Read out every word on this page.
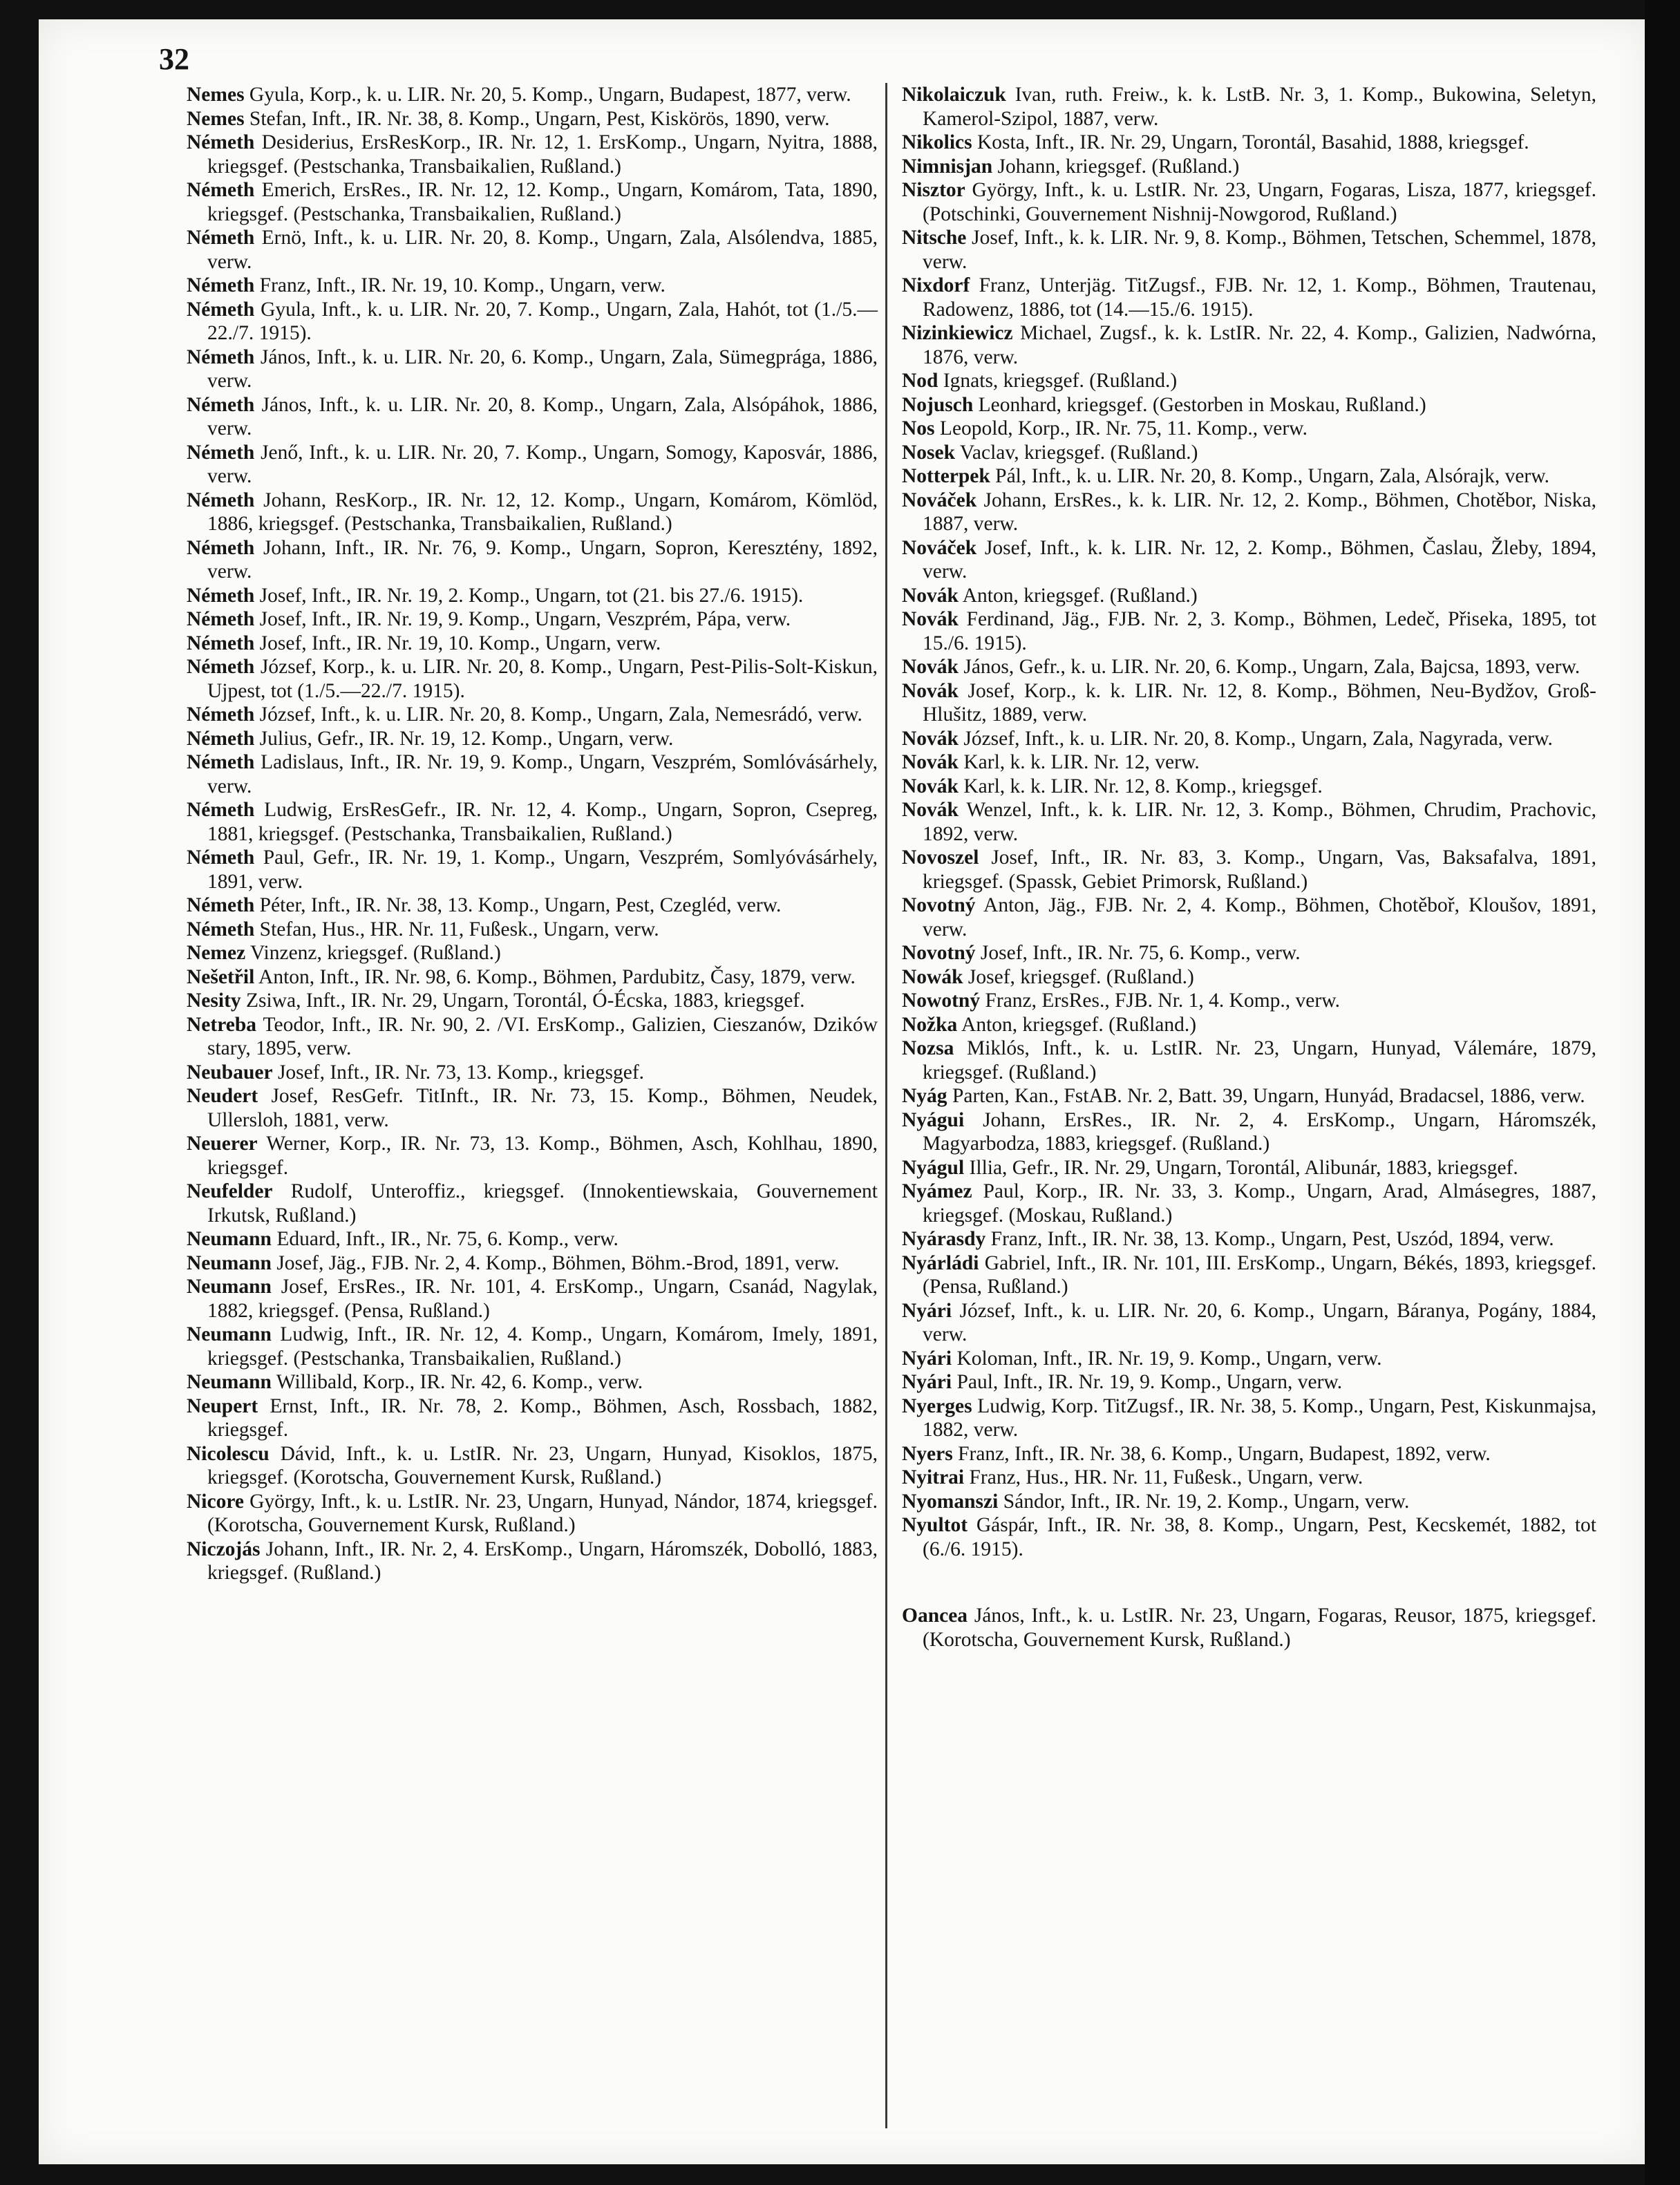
32

Nemes Gyula, Korp., k. u. LIR. Nr. 20, 5. Komp., Ungarn, Budapest, 1877, verw.

Nemes Stefan, Inft., IR. Nr. 38, 8. Komp., Ungarn, Pest, Kiskörös, 1890, verw.

Németh Desiderius, ErsResKorp., IR. Nr. 12, 1. ErsKomp., Ungarn, Nyitra, 1888, kriegsgef. (Pestschanka, Transbaikalien, Rußland.)

Németh Emerich, ErsRes., IR. Nr. 12, 12. Komp., Ungarn, Komárom, Tata, 1890, kriegsgef. (Pestschanka, Transbaikalien, Rußland.)

Németh Ernö, Inft., k. u. LIR. Nr. 20, 8. Komp., Ungarn, Zala, Alsólendva, 1885, verw.

Németh Franz, Inft., IR. Nr. 19, 10. Komp., Ungarn, verw.

Németh Gyula, Inft., k. u. LIR. Nr. 20, 7. Komp., Ungarn, Zala, Hahót, tot (1./5.—22./7. 1915).

Németh János, Inft., k. u. LIR. Nr. 20, 6. Komp., Ungarn, Zala, Sümegprága, 1886, verw.

Németh János, Inft., k. u. LIR. Nr. 20, 8. Komp., Ungarn, Zala, Alsópáhok, 1886, verw.

Németh Jenő, Inft., k. u. LIR. Nr. 20, 7. Komp., Ungarn, Somogy, Kaposvár, 1886, verw.

Németh Johann, ResKorp., IR. Nr. 12, 12. Komp., Ungarn, Komárom, Kömlöd, 1886, kriegsgef. (Pestschanka, Transbaikalien, Rußland.)

Németh Johann, Inft., IR. Nr. 76, 9. Komp., Ungarn, Sopron, Keresztény, 1892, verw.

Németh Josef, Inft., IR. Nr. 19, 2. Komp., Ungarn, tot (21. bis 27./6. 1915).

Németh Josef, Inft., IR. Nr. 19, 9. Komp., Ungarn, Veszprém, Pápa, verw.

Németh Josef, Inft., IR. Nr. 19, 10. Komp., Ungarn, verw.

Németh József, Korp., k. u. LIR. Nr. 20, 8. Komp., Ungarn, Pest-Pilis-Solt-Kiskun, Ujpest, tot (1./5.—22./7. 1915).

Németh József, Inft., k. u. LIR. Nr. 20, 8. Komp., Ungarn, Zala, Nemesrádó, verw.

Németh Julius, Gefr., IR. Nr. 19, 12. Komp., Ungarn, verw.

Németh Ladislaus, Inft., IR. Nr. 19, 9. Komp., Ungarn, Veszprém, Somlóvásárhely, verw.

Németh Ludwig, ErsResGefr., IR. Nr. 12, 4. Komp., Ungarn, Sopron, Csepreg, 1881, kriegsgef. (Pestschanka, Transbaikalien, Rußland.)

Németh Paul, Gefr., IR. Nr. 19, 1. Komp., Ungarn, Veszprém, Somlyóvásárhely, 1891, verw.

Németh Péter, Inft., IR. Nr. 38, 13. Komp., Ungarn, Pest, Czegléd, verw.

Németh Stefan, Hus., HR. Nr. 11, Fußesk., Ungarn, verw.

Nemez Vinzenz, kriegsgef. (Rußland.)

Nešetřil Anton, Inft., IR. Nr. 98, 6. Komp., Böhmen, Pardubitz, Časy, 1879, verw.

Nesity Zsiwa, Inft., IR. Nr. 29, Ungarn, Torontál, Ó-Écska, 1883, kriegsgef.

Netreba Teodor, Inft., IR. Nr. 90, 2. /VI. ErsKomp., Galizien, Cieszanów, Dzików stary, 1895, verw.

Neubauer Josef, Inft., IR. Nr. 73, 13. Komp., kriegsgef.

Neudert Josef, ResGefr. TitInft., IR. Nr. 73, 15. Komp., Böhmen, Neudek, Ullersloh, 1881, verw.

Neuerer Werner, Korp., IR. Nr. 73, 13. Komp., Böhmen, Asch, Kohlhau, 1890, kriegsgef.

Neufelder Rudolf, Unteroffiz., kriegsgef. (Innokentiewskaia, Gouvernement Irkutsk, Rußland.)

Neumann Eduard, Inft., IR., Nr. 75, 6. Komp., verw.

Neumann Josef, Jäg., FJB. Nr. 2, 4. Komp., Böhmen, Böhm.-Brod, 1891, verw.

Neumann Josef, ErsRes., IR. Nr. 101, 4. ErsKomp., Ungarn, Csanád, Nagylak, 1882, kriegsgef. (Pensa, Rußland.)

Neumann Ludwig, Inft., IR. Nr. 12, 4. Komp., Ungarn, Komárom, Imely, 1891, kriegsgef. (Pestschanka, Transbaikalien, Rußland.)

Neumann Willibald, Korp., IR. Nr. 42, 6. Komp., verw.

Neupert Ernst, Inft., IR. Nr. 78, 2. Komp., Böhmen, Asch, Rossbach, 1882, kriegsgef.

Nicolescu Dávid, Inft., k. u. LstIR. Nr. 23, Ungarn, Hunyad, Kisoklos, 1875, kriegsgef. (Korotscha, Gouvernement Kursk, Rußland.)

Nicore György, Inft., k. u. LstIR. Nr. 23, Ungarn, Hunyad, Nándor, 1874, kriegsgef. (Korotscha, Gouvernement Kursk, Rußland.)

Niczojás Johann, Inft., IR. Nr. 2, 4. ErsKomp., Ungarn, Háromszék, Dobolló, 1883, kriegsgef. (Rußland.)

Nikolaiczuk Ivan, ruth. Freiw., k. k. LstB. Nr. 3, 1. Komp., Bukowina, Seletyn, Kamerol-Szipol, 1887, verw.

Nikolics Kosta, Inft., IR. Nr. 29, Ungarn, Torontál, Basahid, 1888, kriegsgef.

Nimnisjan Johann, kriegsgef. (Rußland.)

Nisztor György, Inft., k. u. LstIR. Nr. 23, Ungarn, Fogaras, Lisza, 1877, kriegsgef. (Potschinki, Gouvernement Nishnij-Nowgorod, Rußland.)

Nitsche Josef, Inft., k. k. LIR. Nr. 9, 8. Komp., Böhmen, Tetschen, Schemmel, 1878, verw.

Nixdorf Franz, Unterjäg. TitZugsf., FJB. Nr. 12, 1. Komp., Böhmen, Trautenau, Radowenz, 1886, tot (14.—15./6. 1915).

Nizinkiewicz Michael, Zugsf., k. k. LstIR. Nr. 22, 4. Komp., Galizien, Nadwórna, 1876, verw.

Nod Ignats, kriegsgef. (Rußland.)

Nojusch Leonhard, kriegsgef. (Gestorben in Moskau, Rußland.)

Nos Leopold, Korp., IR. Nr. 75, 11. Komp., verw.

Nosek Vaclav, kriegsgef. (Rußland.)

Notterpek Pál, Inft., k. u. LIR. Nr. 20, 8. Komp., Ungarn, Zala, Alsórajk, verw.

Nováček Johann, ErsRes., k. k. LIR. Nr. 12, 2. Komp., Böhmen, Chotěbor, Niska, 1887, verw.

Nováček Josef, Inft., k. k. LIR. Nr. 12, 2. Komp., Böhmen, Časlau, Žleby, 1894, verw.

Novák Anton, kriegsgef. (Rußland.)

Novák Ferdinand, Jäg., FJB. Nr. 2, 3. Komp., Böhmen, Ledeč, Přiseka, 1895, tot 15./6. 1915).

Novák János, Gefr., k. u. LIR. Nr. 20, 6. Komp., Ungarn, Zala, Bajcsa, 1893, verw.

Novák Josef, Korp., k. k. LIR. Nr. 12, 8. Komp., Böhmen, Neu-Bydžov, Groß-Hlušitz, 1889, verw.

Novák József, Inft., k. u. LIR. Nr. 20, 8. Komp., Ungarn, Zala, Nagyrada, verw.

Novák Karl, k. k. LIR. Nr. 12, verw.

Novák Karl, k. k. LIR. Nr. 12, 8. Komp., kriegsgef.

Novák Wenzel, Inft., k. k. LIR. Nr. 12, 3. Komp., Böhmen, Chrudim, Prachovic, 1892, verw.

Novoszel Josef, Inft., IR. Nr. 83, 3. Komp., Ungarn, Vas, Baksafalva, 1891, kriegsgef. (Spassk, Gebiet Primorsk, Rußland.)

Novotný Anton, Jäg., FJB. Nr. 2, 4. Komp., Böhmen, Chotěboř, Kloušov, 1891, verw.

Novotný Josef, Inft., IR. Nr. 75, 6. Komp., verw.

Nowák Josef, kriegsgef. (Rußland.)

Nowotný Franz, ErsRes., FJB. Nr. 1, 4. Komp., verw.

Nožka Anton, kriegsgef. (Rußland.)

Nozsa Miklós, Inft., k. u. LstIR. Nr. 23, Ungarn, Hunyad, Válemáre, 1879, kriegsgef. (Rußland.)

Nyág Parten, Kan., FstAB. Nr. 2, Batt. 39, Ungarn, Hunyád, Bradacsel, 1886, verw.

Nyágui Johann, ErsRes., IR. Nr. 2, 4. ErsKomp., Ungarn, Háromszék, Magyarbodza, 1883, kriegsgef. (Rußland.)

Nyágul Illia, Gefr., IR. Nr. 29, Ungarn, Torontál, Alibunár, 1883, kriegsgef.

Nyámez Paul, Korp., IR. Nr. 33, 3. Komp., Ungarn, Arad, Almásegres, 1887, kriegsgef. (Moskau, Rußland.)

Nyárasdy Franz, Inft., IR. Nr. 38, 13. Komp., Ungarn, Pest, Uszód, 1894, verw.

Nyárládi Gabriel, Inft., IR. Nr. 101, III. ErsKomp., Ungarn, Békés, 1893, kriegsgef. (Pensa, Rußland.)

Nyári József, Inft., k. u. LIR. Nr. 20, 6. Komp., Ungarn, Báranya, Pogány, 1884, verw.

Nyári Koloman, Inft., IR. Nr. 19, 9. Komp., Ungarn, verw.

Nyári Paul, Inft., IR. Nr. 19, 9. Komp., Ungarn, verw.

Nyerges Ludwig, Korp. TitZugsf., IR. Nr. 38, 5. Komp., Ungarn, Pest, Kiskunmajsa, 1882, verw.

Nyers Franz, Inft., IR. Nr. 38, 6. Komp., Ungarn, Budapest, 1892, verw.

Nyitrai Franz, Hus., HR. Nr. 11, Fußesk., Ungarn, verw.

Nyomanszi Sándor, Inft., IR. Nr. 19, 2. Komp., Ungarn, verw.

Nyultot Gáspár, Inft., IR. Nr. 38, 8. Komp., Ungarn, Pest, Kecskemét, 1882, tot (6./6. 1915).

Oancea János, Inft., k. u. LstIR. Nr. 23, Ungarn, Fogaras, Reusor, 1875, kriegsgef. (Korotscha, Gouvernement Kursk, Rußland.)
